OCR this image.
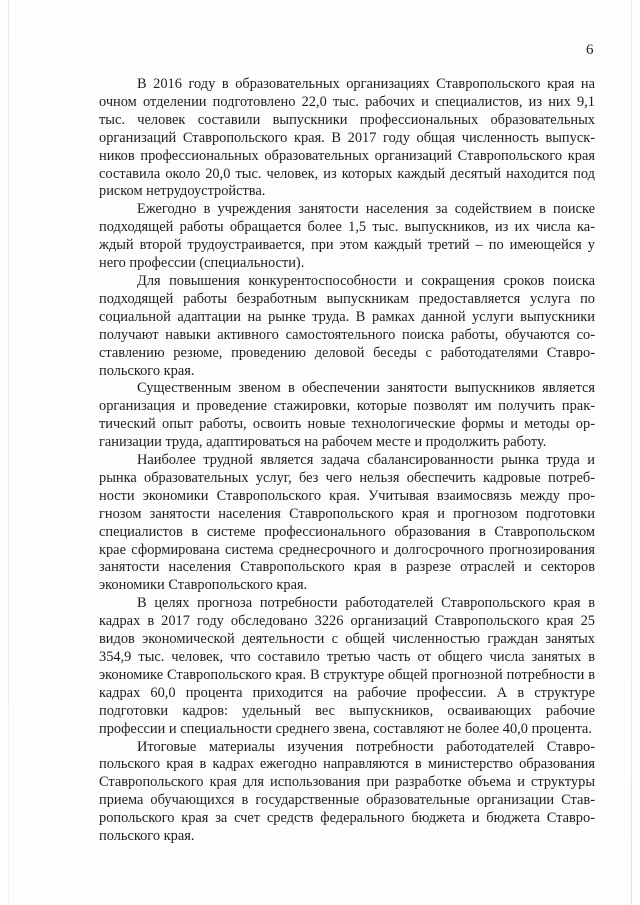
6

В 2016 году в образовательных организациях Ставропольского края на очном отделении подготовлено 22,0 тыс. рабочих и специалистов, из них 9,1 тыс. человек составили выпускники профессиональных образовательных организаций Ставропольского края. В 2017 году общая численность выпускников профессиональных образовательных организаций Ставропольского края составила около 20,0 тыс. человек, из которых каждый десятый находится под риском нетрудоустройства.

Ежегодно в учреждения занятости населения за содействием в поиске подходящей работы обращается более 1,5 тыс. выпускников, из их числа каждый второй трудоустраивается, при этом каждый третий – по имеющейся у него профессии (специальности).

Для повышения конкурентоспособности и сокращения сроков поиска подходящей работы безработным выпускникам предоставляется услуга по социальной адаптации на рынке труда. В рамках данной услуги выпускники получают навыки активного самостоятельного поиска работы, обучаются составлению резюме, проведению деловой беседы с работодателями Ставропольского края.

Существенным звеном в обеспечении занятости выпускников является организация и проведение стажировки, которые позволят им получить практический опыт работы, освоить новые технологические формы и методы организации труда, адаптироваться на рабочем месте и продолжить работу.

Наиболее трудной является задача сбалансированности рынка труда и рынка образовательных услуг, без чего нельзя обеспечить кадровые потребности экономики Ставропольского края. Учитывая взаимосвязь между прогнозом занятости населения Ставропольского края и прогнозом подготовки специалистов в системе профессионального образования в Ставропольском крае сформирована система среднесрочного и долгосрочного прогнозирования занятости населения Ставропольского края в разрезе отраслей и секторов экономики Ставропольского края.

В целях прогноза потребности работодателей Ставропольского края в кадрах в 2017 году обследовано 3226 организаций Ставропольского края 25 видов экономической деятельности с общей численностью граждан занятых 354,9 тыс. человек, что составило третью часть от общего числа занятых в экономике Ставропольского края. В структуре общей прогнозной потребности в кадрах 60,0 процента приходится на рабочие профессии. А в структуре подготовки кадров: удельный вес выпускников, осваивающих рабочие профессии и специальности среднего звена, составляют не более 40,0 процента.

Итоговые материалы изучения потребности работодателей Ставропольского края в кадрах ежегодно направляются в министерство образования Ставропольского края для использования при разработке объема и структуры приема обучающихся в государственные образовательные организации Ставропольского края за счет средств федерального бюджета и бюджета Ставропольского края.
